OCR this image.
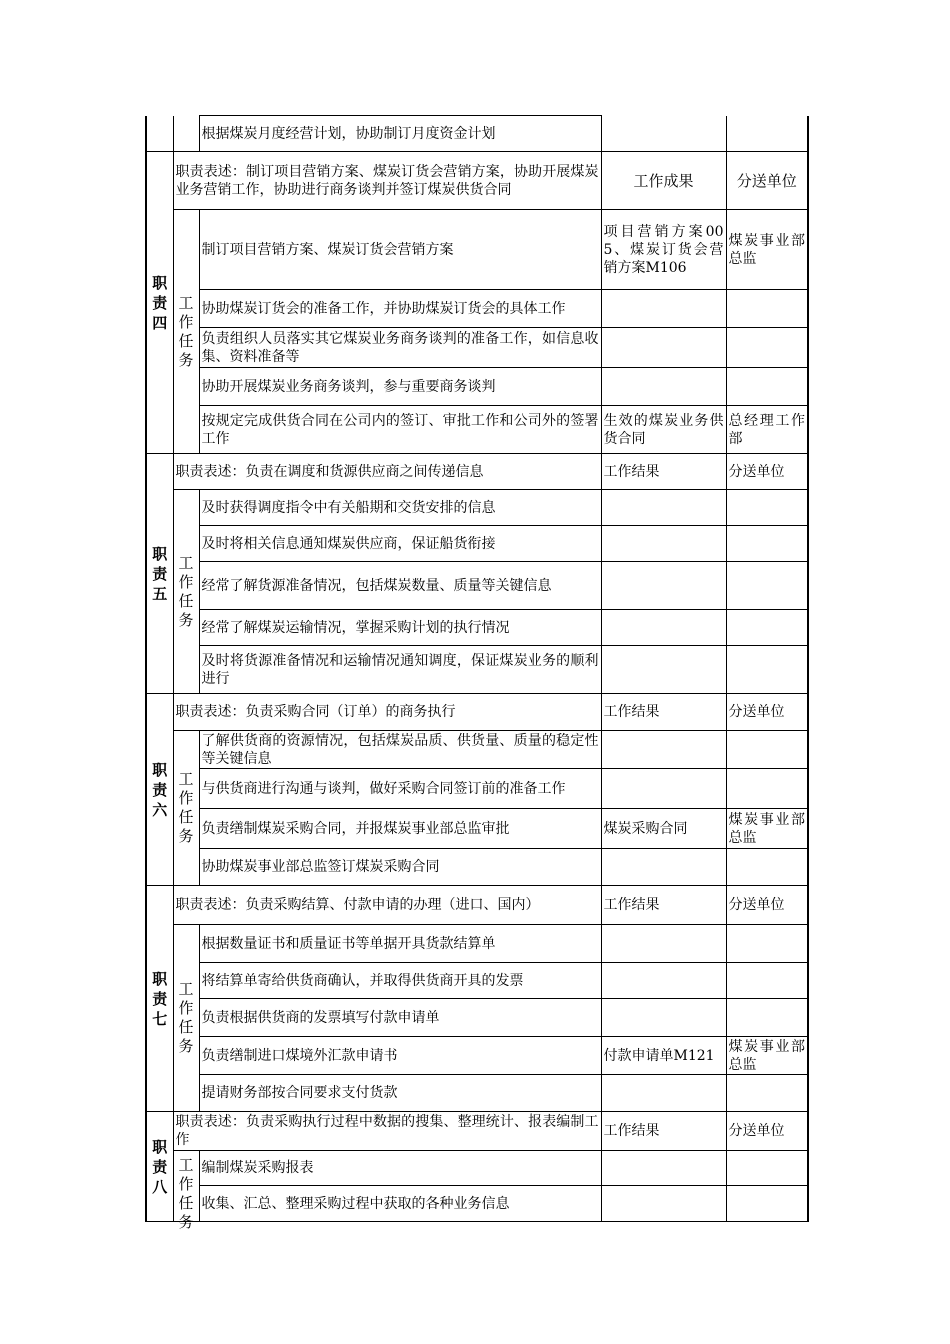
		根据煤炭月度经营计划，协助制订月度资金计划		

职责四	职责表述：制订项目营销方案、煤炭订货会营销方案，协助开展煤炭业务营销工作，协助进行商务谈判并签订煤炭供货合同		工作成果	分送单位

	工作任务	制订项目营销方案、煤炭订货会营销方案	项目营销方案005、煤炭订货会营销方案M106	煤炭事业部总监
		协助煤炭订货会的准备工作，并协助煤炭订货会的具体工作		
		负责组织人员落实其它煤炭业务商务谈判的准备工作，如信息收集、资料准备等		
		协助开展煤炭业务商务谈判，参与重要商务谈判		
		按规定完成供货合同在公司内的签订、审批工作和公司外的签署工作	生效的煤炭业务供货合同	总经理工作部

职责五	职责表述：负责在调度和货源供应商之间传递信息		工作结果	分送单位

	工作任务	及时获得调度指令中有关船期和交货安排的信息		
		及时将相关信息通知煤炭供应商，保证船货衔接		
		经常了解货源准备情况，包括煤炭数量、质量等关键信息		
		经常了解煤炭运输情况，掌握采购计划的执行情况		
		及时将货源准备情况和运输情况通知调度，保证煤炭业务的顺利进行		

职责六	职责表述：负责采购合同（订单）的商务执行		工作结果	分送单位

	工作任务	了解供货商的资源情况，包括煤炭品质、供货量、质量的稳定性等关键信息		
		与供货商进行沟通与谈判，做好采购合同签订前的准备工作		
		负责缮制煤炭采购合同，并报煤炭事业部总监审批	煤炭采购合同	煤炭事业部总监
		协助煤炭事业部总监签订煤炭采购合同		

职责七	职责表述：负责采购结算、付款申请的办理（进口、国内）		工作结果	分送单位

	工作任务	根据数量证书和质量证书等单据开具货款结算单		
		将结算单寄给供货商确认，并取得供货商开具的发票		
		负责根据供货商的发票填写付款申请单		
		负责缮制进口煤境外汇款申请书	付款申请单M121	煤炭事业部总监
		提请财务部按合同要求支付货款		

职责八	职责表述：负责采购执行过程中数据的搜集、整理统计、报表编制工作		工作结果	分送单位

	工作任务	编制煤炭采购报表		
		收集、汇总、整理采购过程中获取的各种业务信息		
